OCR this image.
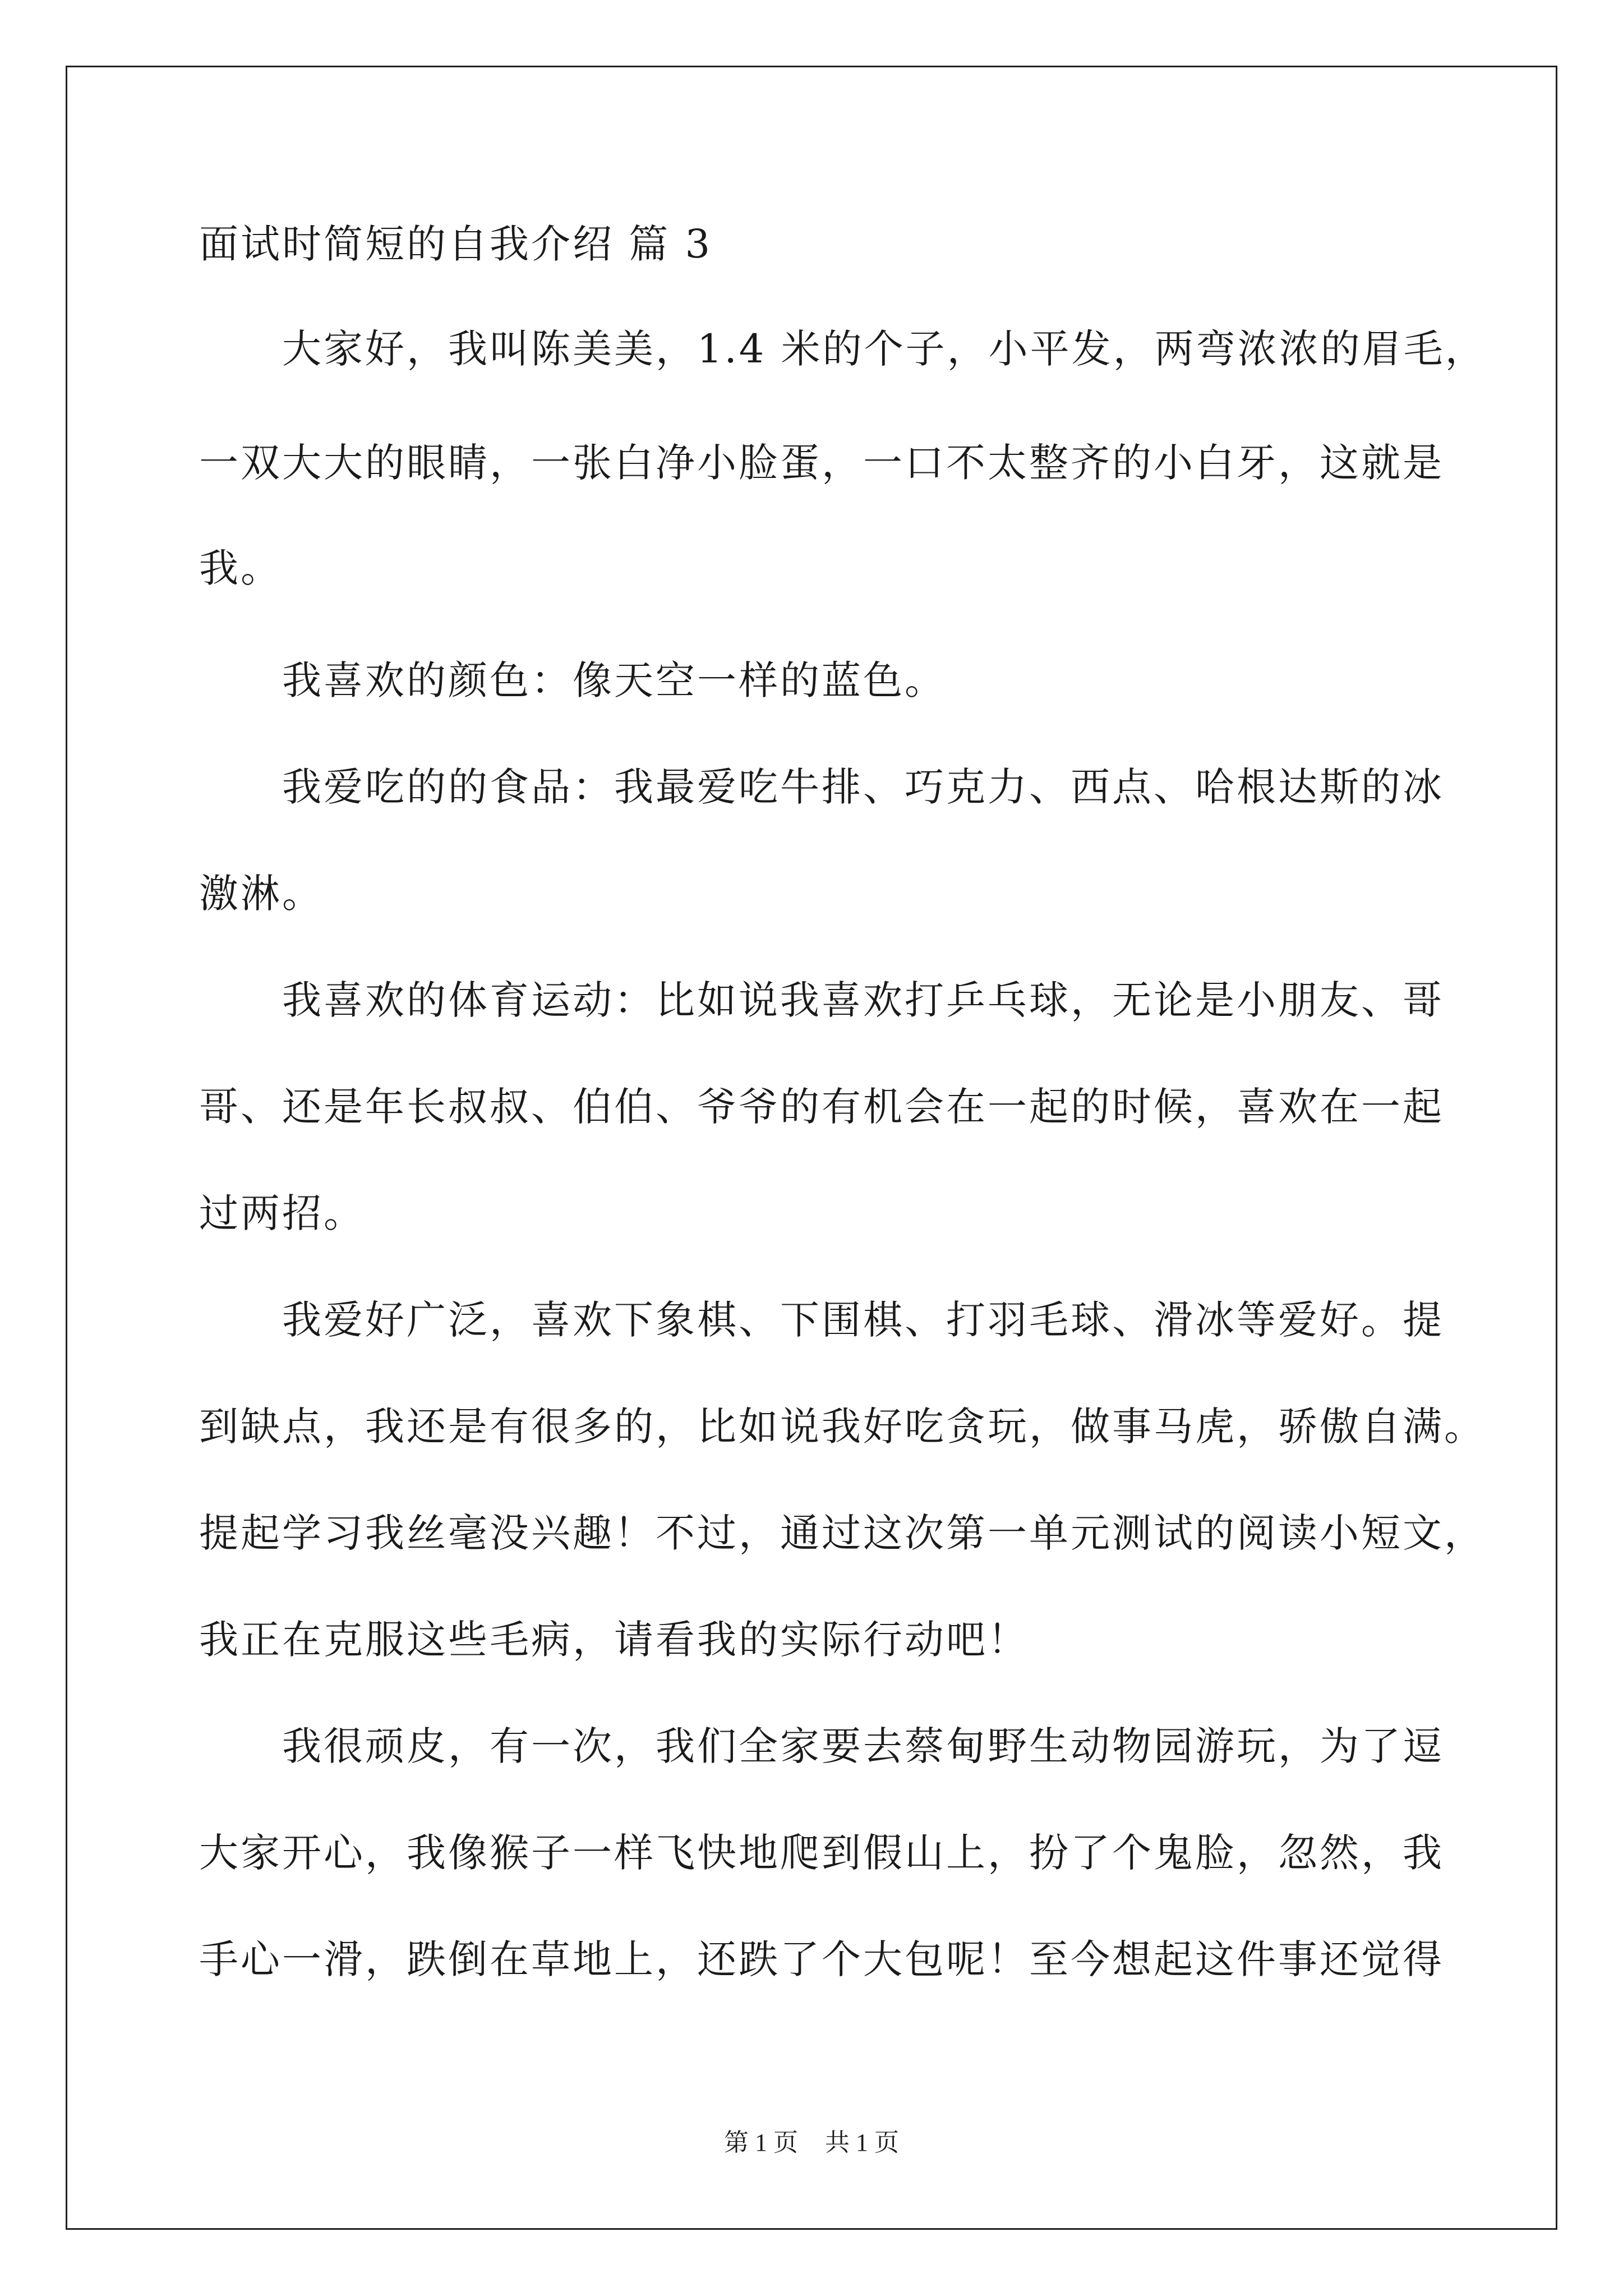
面试时简短的自我介绍 篇 3
大家好，我叫陈美美，1.4 米的个子，小平发，两弯浓浓的眉毛，
一双大大的眼睛，一张白净小脸蛋，一口不太整齐的小白牙，这就是
我。
我喜欢的颜色：像天空一样的蓝色。
我爱吃的的食品：我最爱吃牛排、巧克力、西点、哈根达斯的冰
激淋。
我喜欢的体育运动：比如说我喜欢打乒乓球，无论是小朋友、哥
哥、还是年长叔叔、伯伯、爷爷的有机会在一起的时候，喜欢在一起
过两招。
我爱好广泛，喜欢下象棋、下围棋、打羽毛球、滑冰等爱好。提
到缺点，我还是有很多的，比如说我好吃贪玩，做事马虎，骄傲自满。
提起学习我丝毫没兴趣！不过，通过这次第一单元测试的阅读小短文，
我正在克服这些毛病，请看我的实际行动吧！
我很顽皮，有一次，我们全家要去蔡甸野生动物园游玩，为了逗
大家开心，我像猴子一样飞快地爬到假山上，扮了个鬼脸，忽然，我
手心一滑，跌倒在草地上，还跌了个大包呢！至今想起这件事还觉得
第 1 页 共 1 页
